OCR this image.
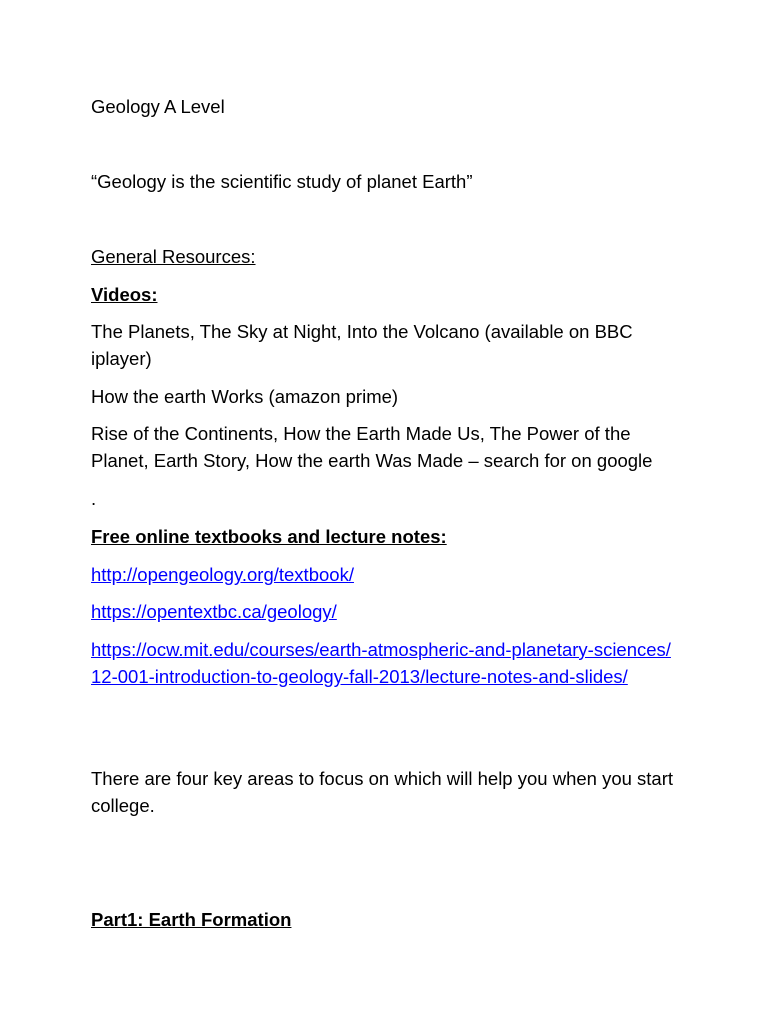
Geology A Level
“Geology is the scientific study of planet Earth”
General Resources:
Videos:
The Planets, The Sky at Night, Into the Volcano (available on BBC iplayer)
How the earth Works (amazon prime)
Rise of the Continents, How the Earth Made Us, The Power of the Planet, Earth Story, How the earth Was Made – search for on google
.
Free online textbooks and lecture notes:
http://opengeology.org/textbook/
https://opentextbc.ca/geology/
https://ocw.mit.edu/courses/earth-atmospheric-and-planetary-sciences/12-001-introduction-to-geology-fall-2013/lecture-notes-and-slides/
There are four key areas to focus on which will help you when you start college.
Part1: Earth Formation
